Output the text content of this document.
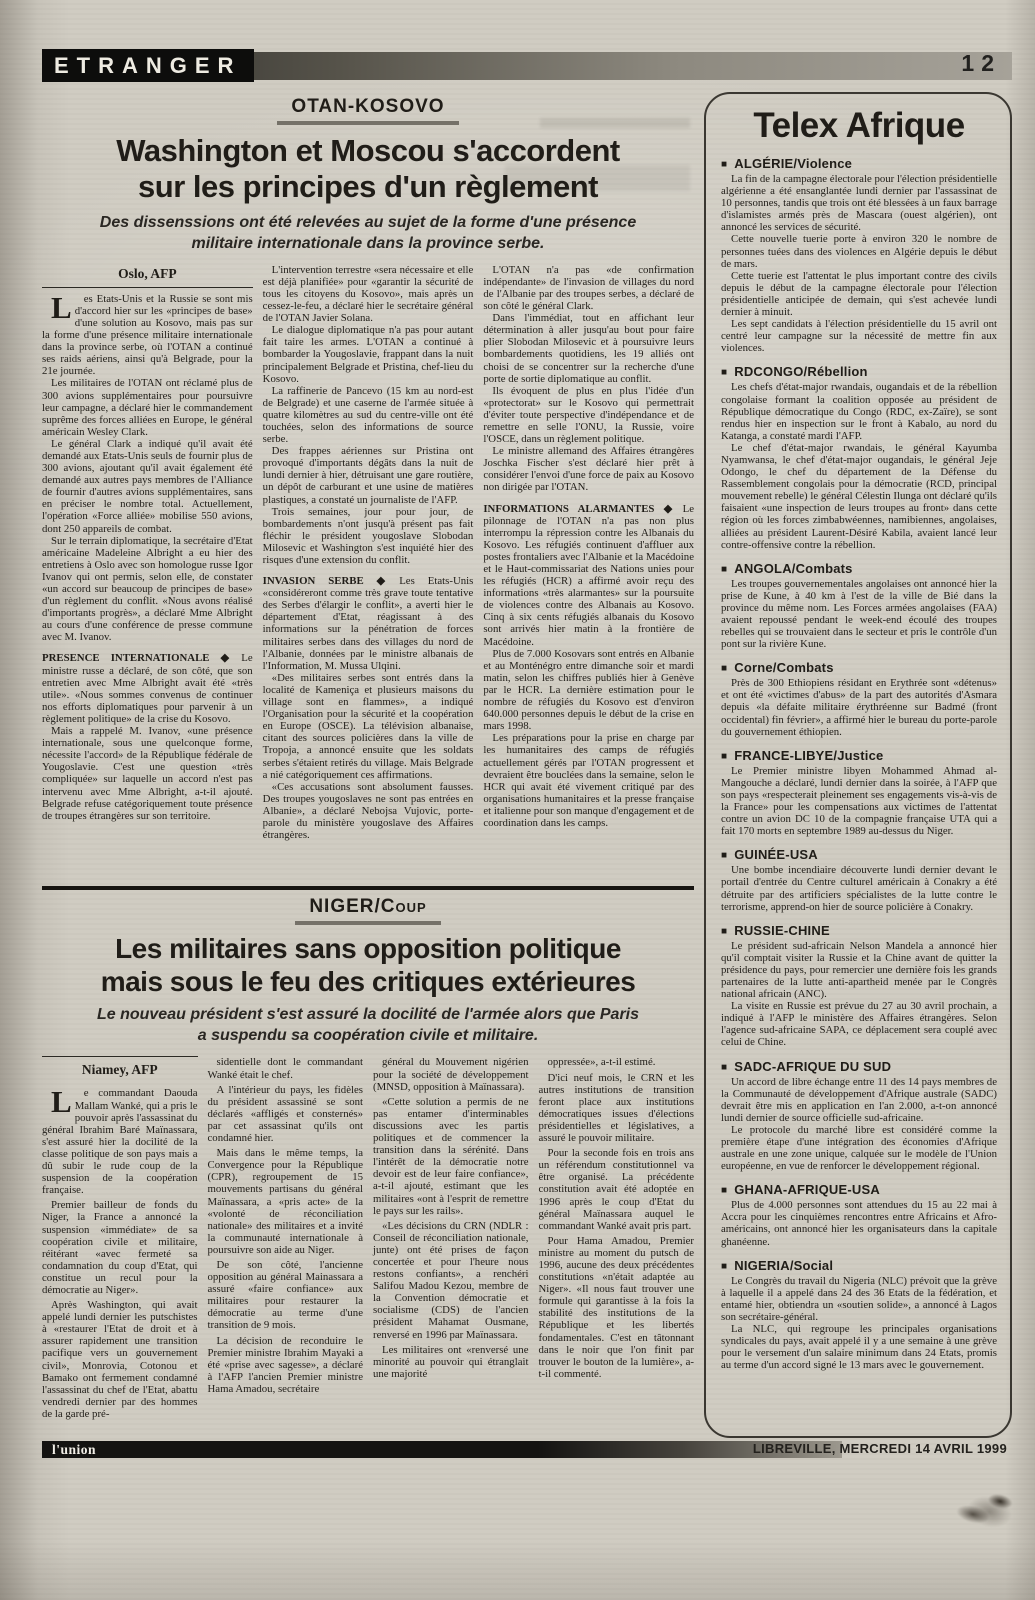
ETRANGER	12
OTAN-KOSOVO
Washington et Moscou s'accordent
sur les principes d'un règlement

Des dissenssions ont été relevées au sujet de la forme d'une présence
militaire internationale dans la province serbe.

Oslo, AFP

L es Etats-Unis et la Russie se sont mis d'accord hier sur les «principes de base» d'une solution au Kosovo, mais pas sur la forme d'une présence militaire internationale dans la province serbe, où l'OTAN a continué ses raids aériens, ainsi qu'à Belgrade, pour la 21e journée.

Les militaires de l'OTAN ont réclamé plus de 300 avions supplémentaires pour poursuivre leur campagne, a déclaré hier le commandement suprême des forces alliées en Europe, le général américain Wesley Clark.

Le général Clark a indiqué qu'il avait été demandé aux Etats-Unis seuls de fournir plus de 300 avions, ajoutant qu'il avait également été demandé aux autres pays membres de l'Alliance de fournir d'autres avions supplémentaires, sans en préciser le nombre total. Actuellement, l'opération «Force alliée» mobilise 550 avions, dont 250 appareils de combat.

Sur le terrain diplomatique, la secrétaire d'Etat américaine Madeleine Albright a eu hier des entretiens à Oslo avec son homologue russe Igor Ivanov qui ont permis, selon elle, de constater «un accord sur beaucoup de principes de base» d'un règlement du conflit. «Nous avons réalisé d'importants progrès», a déclaré Mme Albright au cours d'une conférence de presse commune avec M. Ivanov.

PRESENCE INTERNATIONALE ◆ Le ministre russe a déclaré, de son côté, que son entretien avec Mme Albright avait été «très utile». «Nous sommes convenus de continuer nos efforts diplomatiques pour parvenir à un règlement politique» de la crise du Kosovo.

Mais a rappelé M. Ivanov, «une présence internationale, sous une quelconque forme, nécessite l'accord» de la République fédérale de Yougoslavie. C'est une question «très compliquée» sur laquelle un accord n'est pas intervenu avec Mme Albright, a-t-il ajouté. Belgrade refuse catégoriquement toute présence de troupes étrangères sur son territoire.

L'intervention terrestre «sera nécessaire et elle est déjà planifiée» pour «garantir la sécurité de tous les citoyens du Kosovo», mais après un cessez-le-feu, a déclaré hier le secrétaire général de l'OTAN Javier Solana.

Le dialogue diplomatique n'a pas pour autant fait taire les armes. L'OTAN a continué à bombarder la Yougoslavie, frappant dans la nuit principalement Belgrade et Pristina, chef-lieu du Kosovo.

La raffinerie de Pancevo (15 km au nord-est de Belgrade) et une caserne de l'armée située à quatre kilomètres au sud du centre-ville ont été touchées, selon des informations de source serbe.

Des frappes aériennes sur Pristina ont provoqué d'importants dégâts dans la nuit de lundi dernier à hier, détruisant une gare routière, un dépôt de carburant et une usine de matières plastiques, a constaté un journaliste de l'AFP.

Trois semaines, jour pour jour, de bombardements n'ont jusqu'à présent pas fait fléchir le président yougoslave Slobodan Milosevic et Washington s'est inquiété hier des risques d'une extension du conflit.

INVASION SERBE ◆ Les Etats-Unis «considéreront comme très grave toute tentative des Serbes d'élargir le conflit», a averti hier le département d'Etat, réagissant à des informations sur la pénétration de forces militaires serbes dans des villages du nord de l'Albanie, données par le ministre albanais de l'Information, M. Mussa Ulqini.

«Des militaires serbes sont entrés dans la localité de Kameniça et plusieurs maisons du village sont en flammes», a indiqué l'Organisation pour la sécurité et la coopération en Europe (OSCE). La télévision albanaise, citant des sources policières dans la ville de Tropoja, a annoncé ensuite que les soldats serbes s'étaient retirés du village. Mais Belgrade a nié catégoriquement ces affirmations.

«Ces accusations sont absolument fausses. Des troupes yougoslaves ne sont pas entrées en Albanie», a déclaré Nebojsa Vujovic, porte-parole du ministère yougoslave des Affaires étrangères.

L'OTAN n'a pas «de confirmation indépendante» de l'invasion de villages du nord de l'Albanie par des troupes serbes, a déclaré de son côté le général Clark.

Dans l'immédiat, tout en affichant leur détermination à aller jusqu'au bout pour faire plier Slobodan Milosevic et à poursuivre leurs bombardements quotidiens, les 19 alliés ont choisi de se concentrer sur la recherche d'une porte de sortie diplomatique au conflit.

Ils évoquent de plus en plus l'idée d'un «protectorat» sur le Kosovo qui permettrait d'éviter toute perspective d'indépendance et de remettre en selle l'ONU, la Russie, voire l'OSCE, dans un règlement politique.

Le ministre allemand des Affaires étrangères Joschka Fischer s'est déclaré hier prêt à considérer l'envoi d'une force de paix au Kosovo non dirigée par l'OTAN.

INFORMATIONS ALARMANTES ◆ Le pilonnage de l'OTAN n'a pas non plus interrompu la répression contre les Albanais du Kosovo. Les réfugiés continuent d'affluer aux postes frontaliers avec l'Albanie et la Macédoine et le Haut-commissariat des Nations unies pour les réfugiés (HCR) a affirmé avoir reçu des informations «très alarmantes» sur la poursuite de violences contre des Albanais au Kosovo. Cinq à six cents réfugiés albanais du Kosovo sont arrivés hier matin à la frontière de Macédoine.

Plus de 7.000 Kosovars sont entrés en Albanie et au Monténégro entre dimanche soir et mardi matin, selon les chiffres publiés hier à Genève par le HCR. La dernière estimation pour le nombre de réfugiés du Kosovo est d'environ 640.000 personnes depuis le début de la crise en mars 1998.

Les préparations pour la prise en charge par les humanitaires des camps de réfugiés actuellement gérés par l'OTAN progressent et devraient être bouclées dans la semaine, selon le HCR qui avait été vivement critiqué par des organisations humanitaires et la presse française et italienne pour son manque d'engagement et de coordination dans les camps.

NIGER/Coup
Les militaires sans opposition politique
mais sous le feu des critiques extérieures

Le nouveau président s'est assuré la docilité de l'armée alors que Paris
a suspendu sa coopération civile et militaire.

Niamey, AFP

L e commandant Daouda Mallam Wanké, qui a pris le pouvoir après l'assassinat du général Ibrahim Baré Maïnassara, s'est assuré hier la docilité de la classe politique de son pays mais a dû subir le rude coup de la suspension de la coopération française.

Premier bailleur de fonds du Niger, la France a annoncé la suspension «immédiate» de sa coopération civile et militaire, réitérant «avec fermeté sa condamnation du coup d'Etat, qui constitue un recul pour la démocratie au Niger».

Après Washington, qui avait appelé lundi dernier les putschistes à «restaurer l'Etat de droit et à assurer rapidement une transition pacifique vers un gouvernement civil», Monrovia, Cotonou et Bamako ont fermement condamné l'assassinat du chef de l'Etat, abattu vendredi dernier par des hommes de la garde pré-

sidentielle dont le commandant Wanké était le chef.

A l'intérieur du pays, les fidèles du président assassiné se sont déclarés «affligés et consternés» par cet assassinat qu'ils ont condamné hier.

Mais dans le même temps, la Convergence pour la République (CPR), regroupement de 15 mouvements partisans du général Maïnassara, a «pris acte» de la «volonté de réconciliation nationale» des militaires et a invité la communauté internationale à poursuivre son aide au Niger.

De son côté, l'ancienne opposition au général Mainassara a assuré «faire confiance» aux militaires pour restaurer la démocratie au terme d'une transition de 9 mois.

La décision de reconduire le Premier ministre Ibrahim Mayaki a été «prise avec sagesse», a déclaré à l'AFP l'ancien Premier ministre Hama Amadou, secrétaire

général du Mouvement nigérien pour la société de développement (MNSD, opposition à Maïnassara).

«Cette solution a permis de ne pas entamer d'interminables discussions avec les partis politiques et de commencer la transition dans la sérénité. Dans l'intérêt de la démocratie notre devoir est de leur faire confiance», a-t-il ajouté, estimant que les militaires «ont à l'esprit de remettre le pays sur les rails».

«Les décisions du CRN (NDLR : Conseil de réconciliation nationale, junte) ont été prises de façon concertée et pour l'heure nous restons confiants», a renchéri Salifou Madou Kezou, membre de la Convention démocratie et socialisme (CDS) de l'ancien président Mahamat Ousmane, renversé en 1996 par Maïnassara.

Les militaires ont «renversé une minorité au pouvoir qui étranglait une majorité

oppressée», a-t-il estimé.

D'ici neuf mois, le CRN et les autres institutions de transition feront place aux institutions démocratiques issues d'élections présidentielles et législatives, a assuré le pouvoir militaire.

Pour la seconde fois en trois ans un référendum constitutionnel va être organisé. La précédente constitution avait été adoptée en 1996 après le coup d'Etat du général Maïnassara auquel le commandant Wanké avait pris part.

Pour Hama Amadou, Premier ministre au moment du putsch de 1996, aucune des deux précédentes constitutions «n'était adaptée au Niger». «Il nous faut trouver une formule qui garantisse à la fois la stabilité des institutions de la République et les libertés fondamentales. C'est en tâtonnant dans le noir que l'on finit par trouver le bouton de la lumière», a-t-il commenté.

Telex Afrique
■ ALGÉRIE/Violence

La fin de la campagne électorale pour l'élection présidentielle algérienne a été ensanglantée lundi dernier par l'assassinat de 10 personnes, tandis que trois ont été blessées à un faux barrage d'islamistes armés près de Mascara (ouest algérien), ont annoncé les services de sécurité.

Cette nouvelle tuerie porte à environ 320 le nombre de personnes tuées dans des violences en Algérie depuis le début de mars.

Cette tuerie est l'attentat le plus important contre des civils depuis le début de la campagne électorale pour l'élection présidentielle anticipée de demain, qui s'est achevée lundi dernier à minuit.

Les sept candidats à l'élection présidentielle du 15 avril ont centré leur campagne sur la nécessité de mettre fin aux violences.

■ RDCONGO/Rébellion

Les chefs d'état-major rwandais, ougandais et de la rébellion congolaise formant la coalition opposée au président de République démocratique du Congo (RDC, ex-Zaïre), se sont rendus hier en inspection sur le front à Kabalo, au nord du Katanga, a constaté mardi l'AFP.

Le chef d'état-major rwandais, le général Kayumba Nyamwansa, le chef d'état-major ougandais, le général Jeje Odongo, le chef du département de la Défense du Rassemblement congolais pour la démocratie (RCD, principal mouvement rebelle) le général Célestin Ilunga ont déclaré qu'ils faisaient «une inspection de leurs troupes au front» dans cette région où les forces zimbabwéennes, namibiennes, angolaises, alliées au président Laurent-Désiré Kabila, avaient lancé leur contre-offensive contre la rébellion.

■ ANGOLA/Combats

Les troupes gouvernementales angolaises ont annoncé hier la prise de Kune, à 40 km à l'est de la ville de Bié dans la province du même nom. Les Forces armées angolaises (FAA) avaient repoussé pendant le week-end écoulé des troupes rebelles qui se trouvaient dans le secteur et pris le contrôle d'un pont sur la rivière Kune.

■ Corne/Combats

Près de 300 Ethiopiens résidant en Erythrée sont «détenus» et ont été «victimes d'abus» de la part des autorités d'Asmara depuis «la défaite militaire érythréenne sur Badmé (front occidental) fin février», a affirmé hier le bureau du porte-parole du gouvernement éthiopien.

■ FRANCE-LIBYE/Justice

Le Premier ministre libyen Mohammed Ahmad al-Mangouche a déclaré, lundi dernier dans la soirée, à l'AFP que son pays «respecterait pleinement ses engagements vis-à-vis de la France» pour les compensations aux victimes de l'attentat contre un avion DC 10 de la compagnie française UTA qui a fait 170 morts en septembre 1989 au-dessus du Niger.

■ GUINÉE-USA

Une bombe incendiaire découverte lundi dernier devant le portail d'entrée du Centre culturel américain à Conakry a été détruite par des artificiers spécialistes de la lutte contre le terrorisme, apprend-on hier de source policière à Conakry.

■ RUSSIE-CHINE

Le président sud-africain Nelson Mandela a annoncé hier qu'il comptait visiter la Russie et la Chine avant de quitter la présidence du pays, pour remercier une dernière fois les grands partenaires de la lutte anti-apartheid menée par le Congrès national africain (ANC).

La visite en Russie est prévue du 27 au 30 avril prochain, a indiqué à l'AFP le ministère des Affaires étrangères. Selon l'agence sud-africaine SAPA, ce déplacement sera couplé avec celui de Chine.

■ SADC-AFRIQUE DU SUD

Un accord de libre échange entre 11 des 14 pays membres de la Communauté de développement d'Afrique australe (SADC) devrait être mis en application en l'an 2.000, a-t-on annoncé lundi dernier de source officielle sud-africaine.

Le protocole du marché libre est considéré comme la première étape d'une intégration des économies d'Afrique australe en une zone unique, calquée sur le modèle de l'Union européenne, en vue de renforcer le développement régional.

■ GHANA-AFRIQUE-USA

Plus de 4.000 personnes sont attendues du 15 au 22 mai à Accra pour les cinquièmes rencontres entre Africains et Afro-américains, ont annoncé hier les organisateurs dans la capitale ghanéenne.

■ NIGERIA/Social

Le Congrès du travail du Nigeria (NLC) prévoit que la grève à laquelle il a appelé dans 24 des 36 Etats de la fédération, et entamé hier, obtiendra un «soutien solide», a annoncé à Lagos son secrétaire-général.

La NLC, qui regroupe les principales organisations syndicales du pays, avait appelé il y a une semaine à une grève pour le versement d'un salaire minimum dans 24 Etats, promis au terme d'un accord signé le 13 mars avec le gouvernement.

l'union	LIBREVILLE, MERCREDI 14 AVRIL 1999
